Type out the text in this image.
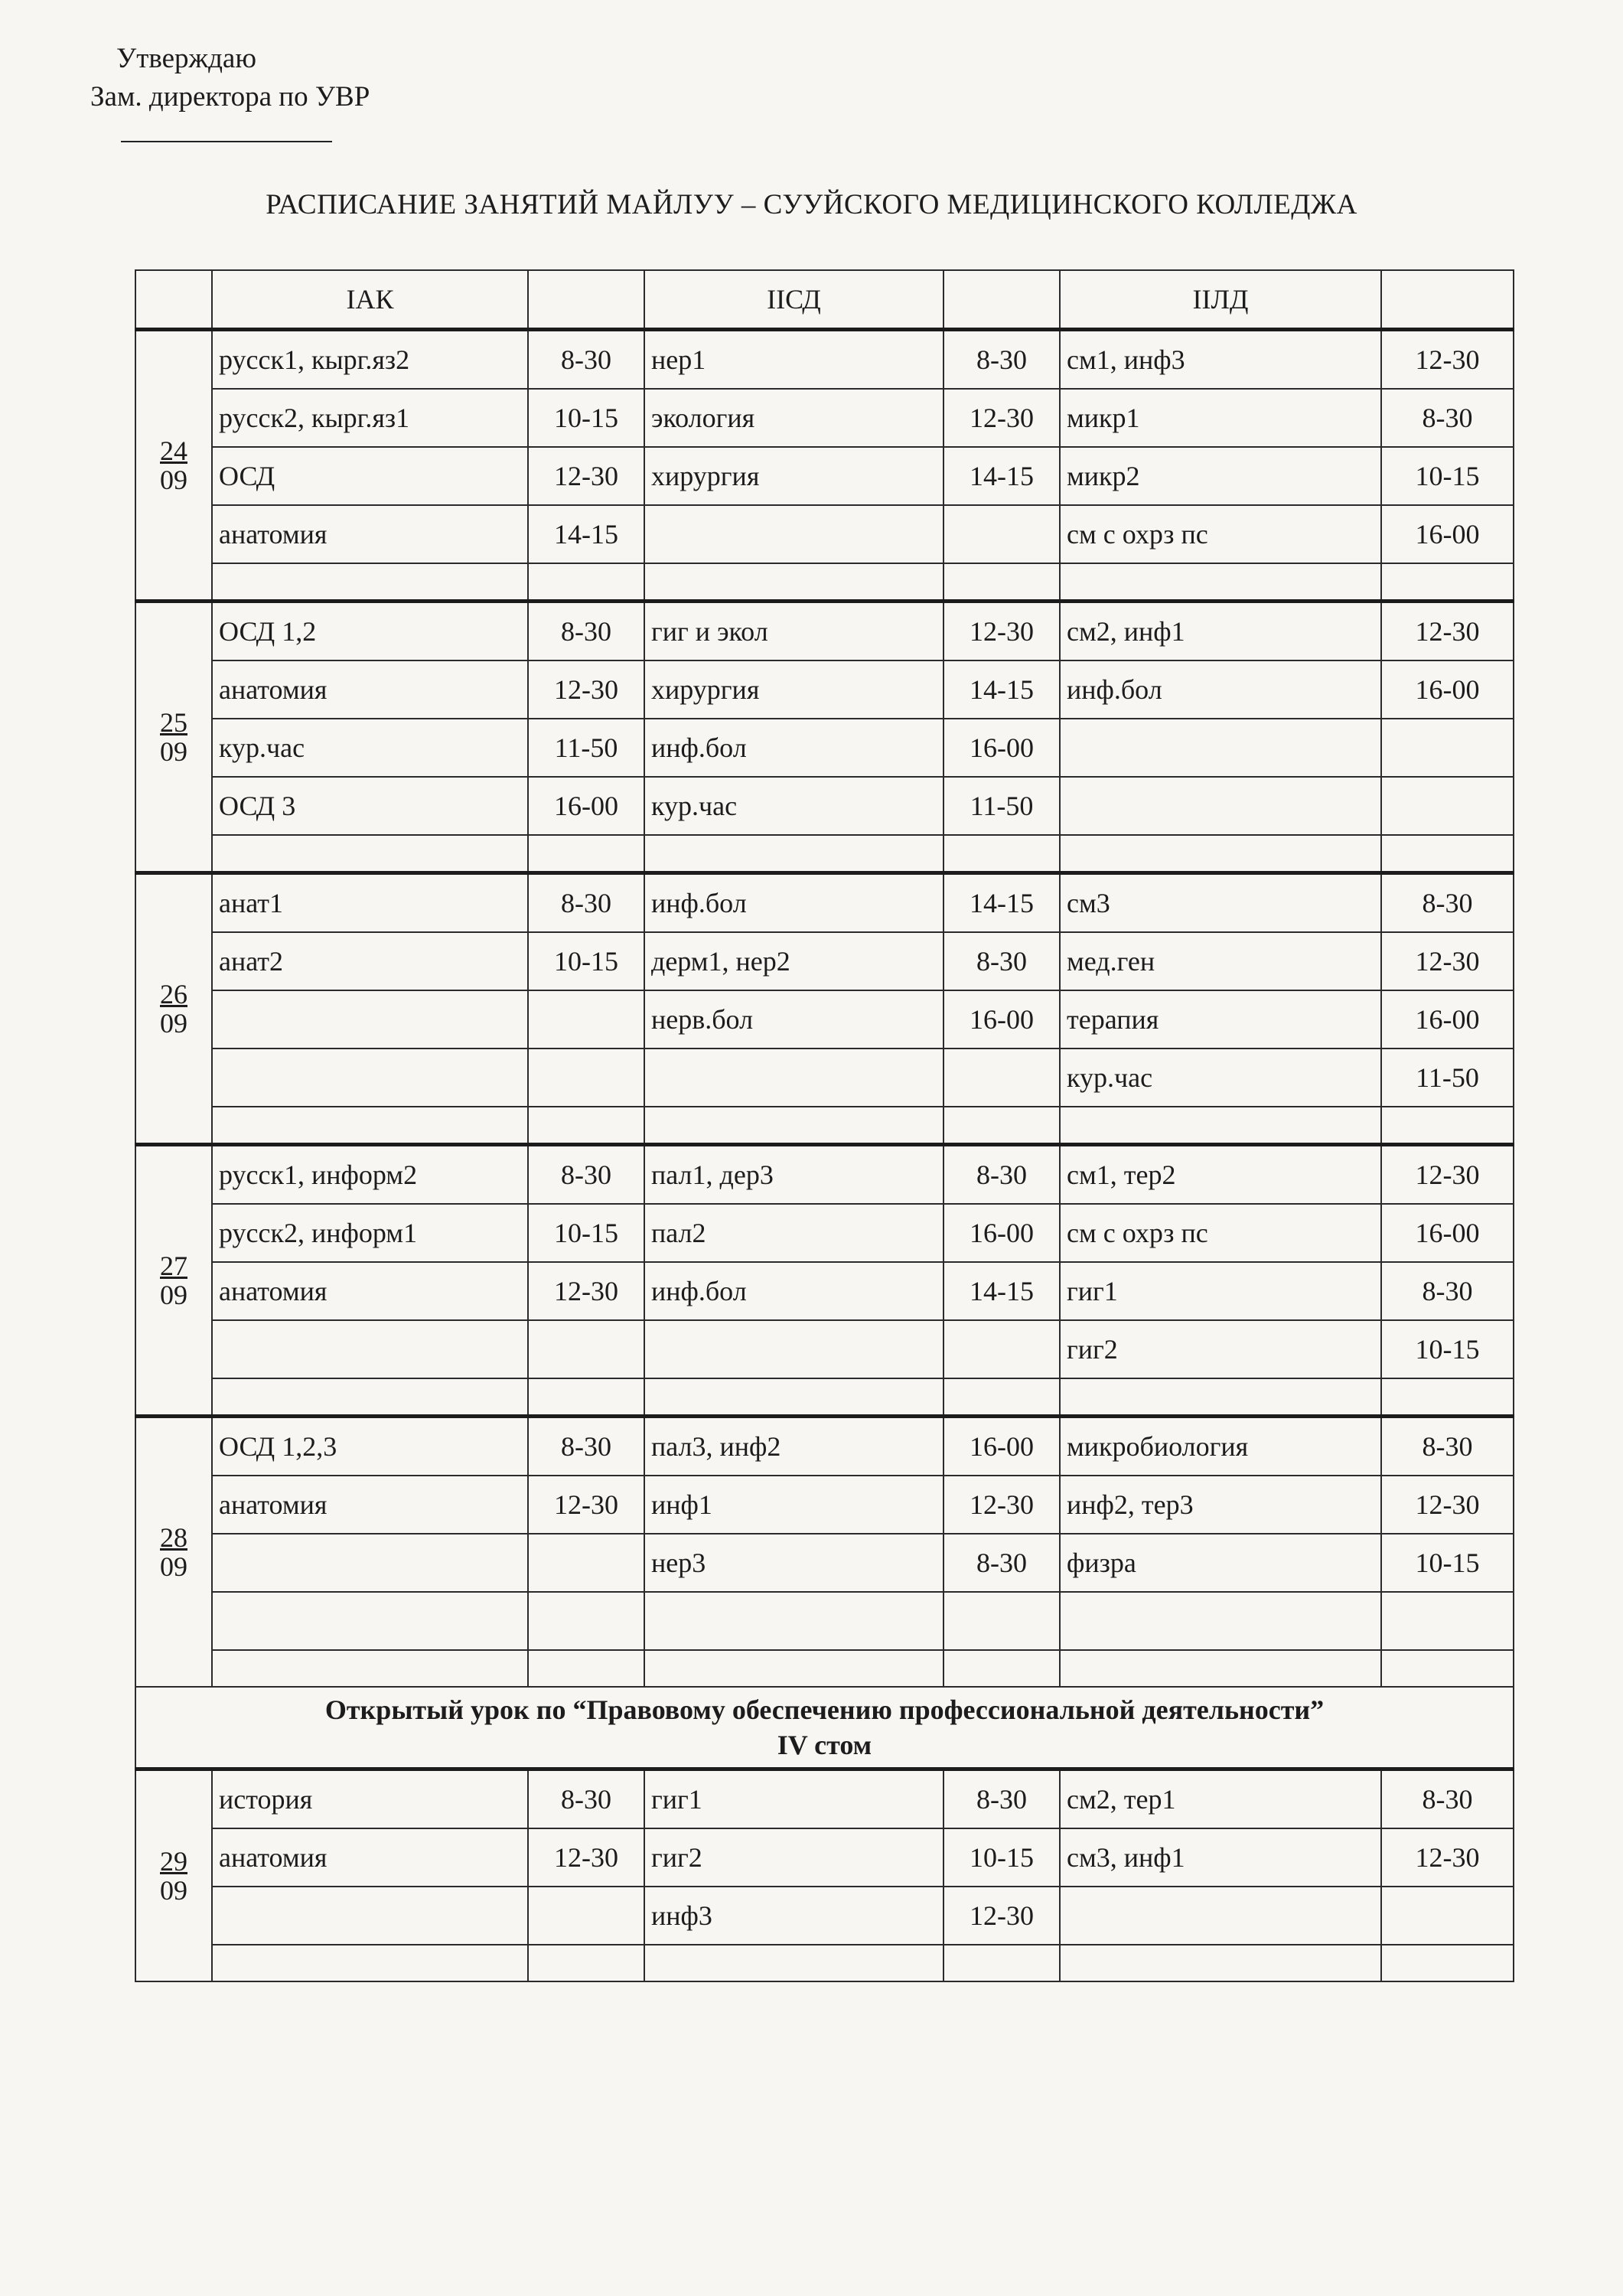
Утверждаю
Зам. директора по УВР
РАСПИСАНИЕ ЗАНЯТИЙ МАЙЛУУ – СУУЙСКОГО МЕДИЦИНСКОГО КОЛЛЕДЖА
	IАК		IIСД		IIЛД	

24
09	русск1, кырг.яз2	8-30	нер1	8-30	см1, инф3	12-30
	русск2, кырг.яз1	10-15	экология	12-30	микр1	8-30
	ОСД	12-30	хирургия	14-15	микр2	10-15
	анатомия	14-15			см с охрз пс	16-00

25
09	ОСД 1,2	8-30	гиг и экол	12-30	см2, инф1	12-30
	анатомия	12-30	хирургия	14-15	инф.бол	16-00
	кур.час	11-50	инф.бол	16-00		
	ОСД 3	16-00	кур.час	11-50		

26
09	анат1	8-30	инф.бол	14-15	см3	8-30
	анат2	10-15	дерм1, нер2	8-30	мед.ген	12-30
			нерв.бол	16-00	терапия	16-00
					кур.час	11-50

27
09	русск1, информ2	8-30	пал1, дер3	8-30	см1, тер2	12-30
	русск2, информ1	10-15	пал2	16-00	см с охрз пс	16-00
	анатомия	12-30	инф.бол	14-15	гиг1	8-30
					гиг2	10-15

28
09	ОСД 1,2,3	8-30	пал3, инф2	16-00	микробиология	8-30
	анатомия	12-30	инф1	12-30	инф2, тер3	12-30
			нер3	8-30	физра	10-15

Открытый урок по “Правовому обеспечению профессиональной деятельности”
IV стом						

29
09	история	8-30	гиг1	8-30	см2, тер1	8-30
	анатомия	12-30	гиг2	10-15	см3, инф1	12-30
			инф3	12-30		
